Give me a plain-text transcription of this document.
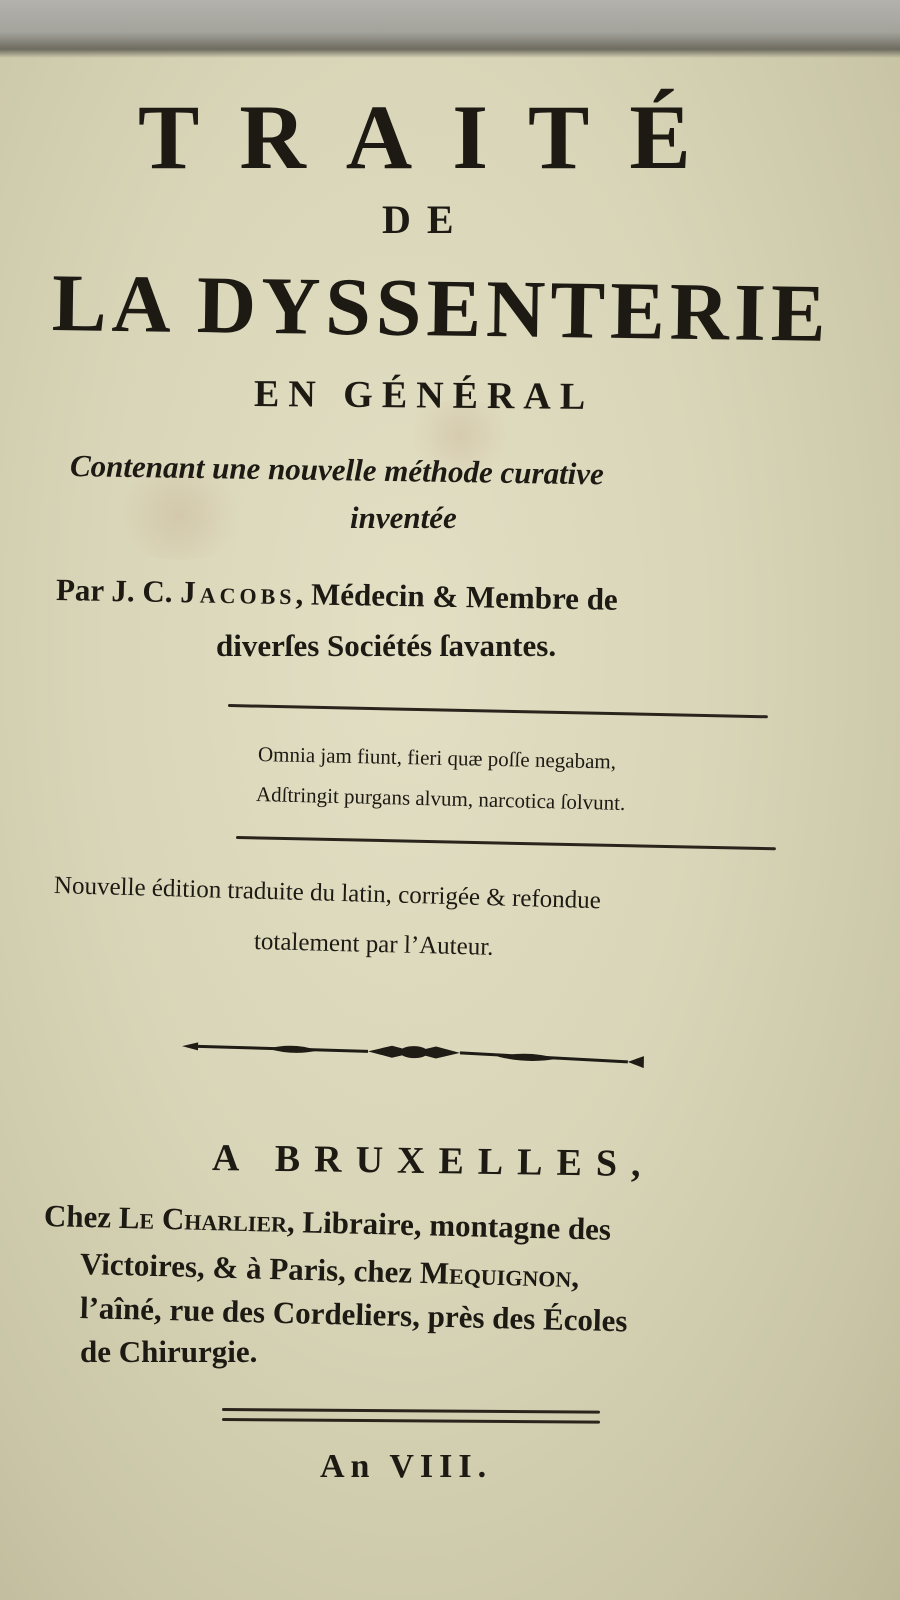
TRAITÉ
DE
LA DYSSENTERIE
EN GÉNÉRAL
Contenant une nouvelle méthode curative
inventée
Par J. C. Jacobs, Médecin & Membre de
diverſes Sociétés ſavantes.
Omnia jam fiunt, fieri quæ poſſe negabam,
Adſtringit purgans alvum, narcotica ſolvunt.
Nouvelle édition traduite du latin, corrigée & refondue
totalement par l’Auteur.
A BRUXELLES,
Chez Le Charlier, Libraire, montagne des
Victoires, & à Paris, chez Mequignon,
l’aîné, rue des Cordeliers, près des Écoles
de Chirurgie.
An VIII.
